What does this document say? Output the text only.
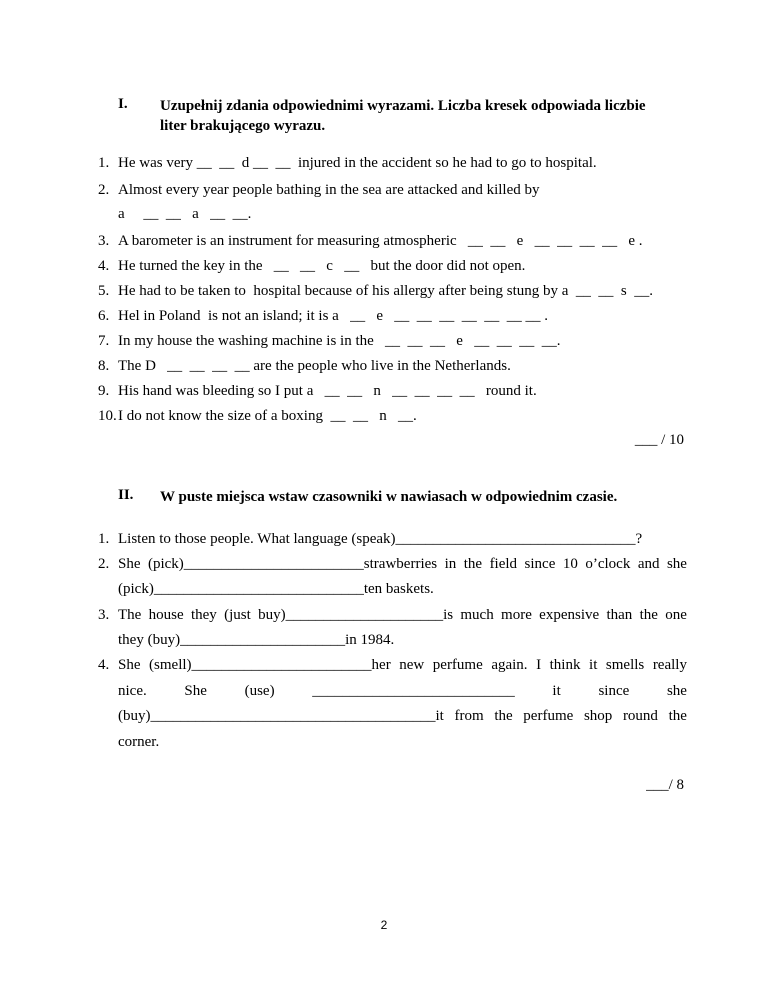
I. Uzupełnij zdania odpowiednimi wyrazami. Liczba kresek odpowiada liczbie
liter brakującego wyrazu.
1. He was very __  __  d __  __  injured in the accident so he had to go to hospital.
2. Almost every year people bathing in the sea are attacked and killed by
a     __  __   a   __  __.
3. A barometer is an instrument for measuring atmospheric   __  __   e   __  __  __  __   e .
4. He turned the key in the   __   __   c   __   but the door did not open.
5. He had to be taken to  hospital because of his allergy after being stung by a  __  __  s  __.
6. Hel in Poland  is not an island; it is a   __   e   __  __  __  __  __  __ __ .
7. In my house the washing machine is in the   __  __  __   e   __  __  __  __.
8. The D   __  __  __  __ are the people who live in the Netherlands.
9. His hand was bleeding so I put a   __  __   n   __  __  __  __   round it.
10.I do not know the size of a boxing  __  __   n   __.
___ / 10
II. W puste miejsca wstaw czasowniki w nawiasach w odpowiednim czasie.
1. Listen to those people. What language (speak)________________________________?
2. She (pick)________________________strawberries in the field since 10 o’clock and she
(pick)____________________________ten baskets.
3. The house they (just buy)_____________________is much more expensive than the one
they (buy)______________________in 1984.
4. She (smell)________________________her new perfume again. I think it smells really
nice.	She	(use)	___________________________	it	since	she
(buy)______________________________________it from the perfume shop round the
corner.
___/ 8
2
